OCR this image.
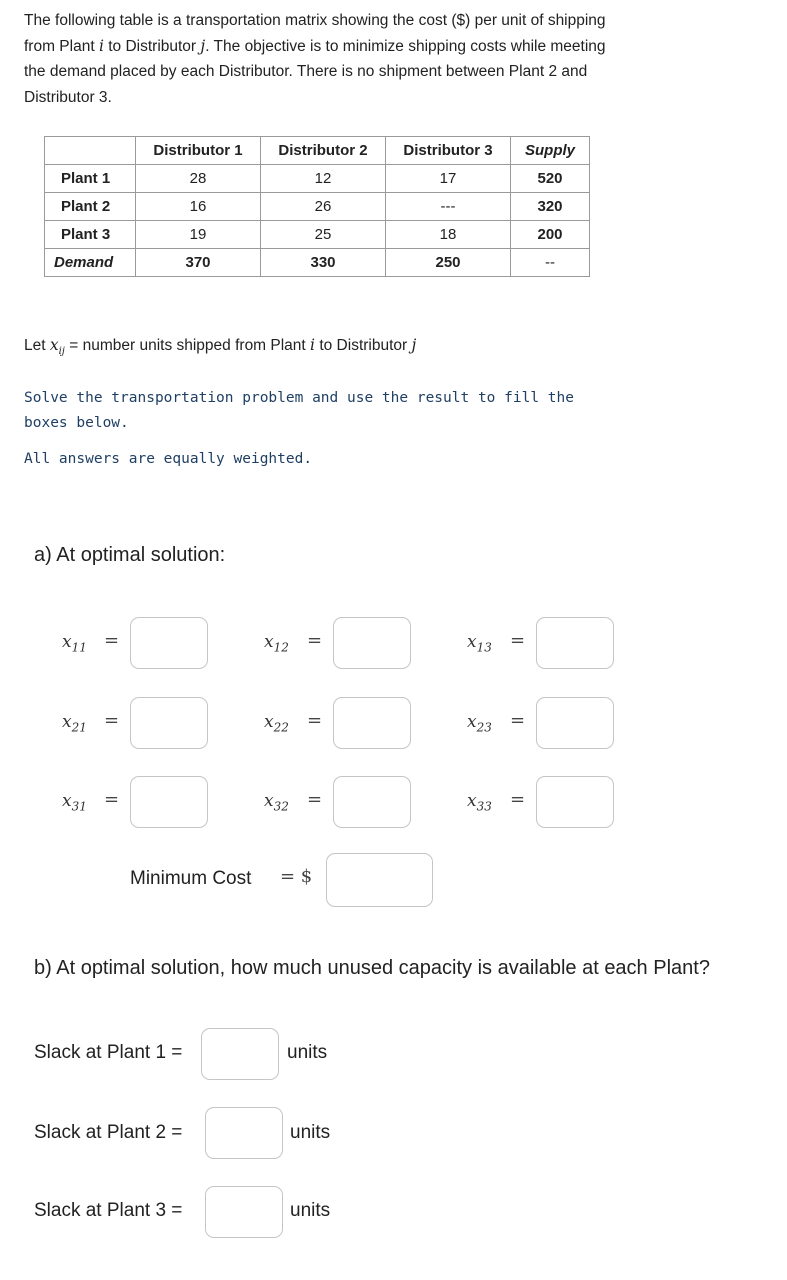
The following table is a transportation matrix showing the cost ($) per unit of shipping
from Plant i to Distributor j. The objective is to minimize shipping costs while meeting
the demand placed by each Distributor. There is no shipment between Plant 2 and
Distributor 3.
	Distributor 1	Distributor 2	Distributor 3	Supply
Plant 1	28	12	17	520
Plant 2	16	26	---	320
Plant 3	19	25	18	200
Demand	370	330	250	--
Let $x_{ij}$ = number units shipped from Plant i to Distributor j
Solve the transportation problem and use the result to fill the
boxes below.
All answers are equally weighted.
a) At optimal solution:
$x_{11}$ =	$x_{12}$ =	$x_{13}$ =
$x_{21}$ =	$x_{22}$ =	$x_{23}$ =
$x_{31}$ =	$x_{32}$ =	$x_{33}$ =
Minimum Cost = $
b) At optimal solution, how much unused capacity is available at each Plant?
Slack at Plant 1 =	units
Slack at Plant 2 =	units
Slack at Plant 3 =	units
